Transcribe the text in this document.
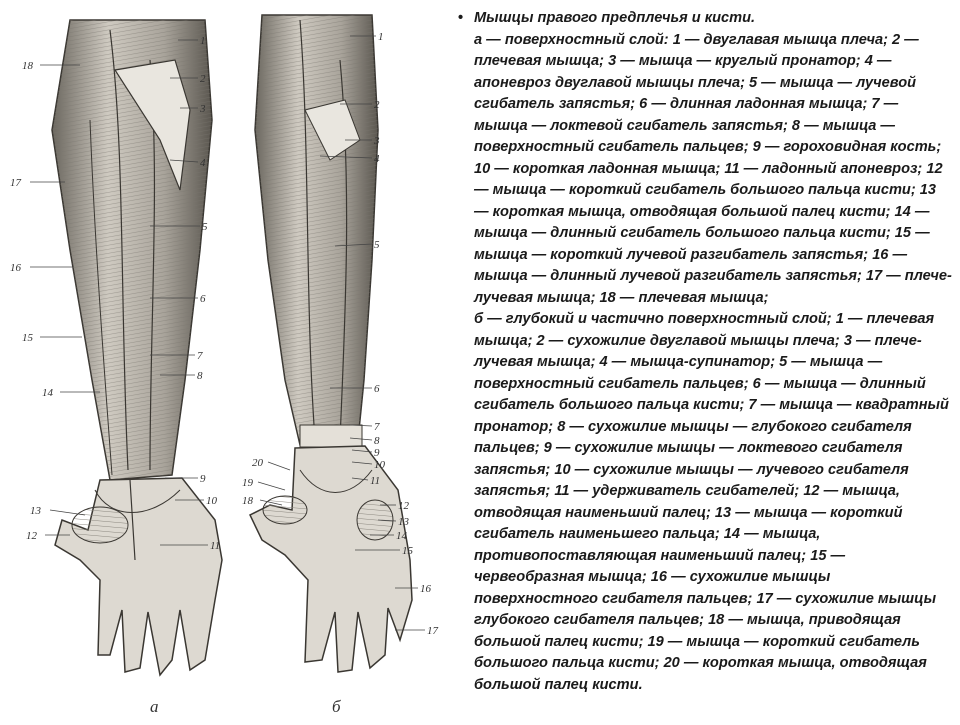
1
2
3
4
5
6
7
8
9
10
11
12
13
14
15
16
17
18
а
1
2
3
4
5
6
7
8
9
10
11
12
13
14
15
16
17
18
19
20
б
• Мышцы правого предплечья и кисти.
а — поверхностный слой: 1 — двуглавая мышца плеча; 2 — плечевая мышца; 3 — мышца — круглый пронатор; 4 — апоневроз двуглавой мышцы плеча; 5 — мышца — лучевой сгибатель запястья; 6 — длинная ладонная мышца; 7 — мышца — локтевой сгибатель запястья; 8 — мышца — поверхностный сгибатель пальцев; 9 — гороховидная кость; 10 — короткая ладонная мышца; 11 — ладонный апоневроз; 12 — мышца — короткий сгибатель большого пальца кисти; 13 — короткая мышца, отводящая большой палец кисти; 14 — мышца — длинный сгибатель большого пальца кисти; 15 — мышца — короткий лучевой разгибатель запястья; 16 — мышца — длинный лучевой разгибатель запястья; 17 — плече-лучевая мышца; 18 — плечевая мышца;
б — глубокий и частично поверхностный слой; 1 — плечевая мышца; 2 — сухожилие двуглавой мышцы плеча; 3 — плече-лучевая мышца; 4 — мышца-супинатор; 5 — мышца — поверхностный сгибатель пальцев; 6 — мышца — длинный сгибатель большого пальца кисти; 7 — мышца — квадратный пронатор; 8 — сухожилие мышцы — глубокого сгибателя пальцев; 9 — сухожилие мышцы — локтевого сгибателя запястья; 10 — сухожилие мышцы — лучевого сгибателя запястья; 11 — удерживатель сгибателей; 12 — мышца, отводящая наименьший палец; 13 — мышца — короткий сгибатель наименьшего пальца; 14 — мышца, противопоставляющая наименьший палец; 15 — червеобразная мышца; 16 — сухожилие мышцы поверхностного сгибателя пальцев; 17 — сухожилие мышцы глубокого сгибателя пальцев; 18 — мышца, приводящая большой палец кисти; 19 — мышца — короткий сгибатель большого пальца кисти; 20 — короткая мышца, отводящая большой палец кисти.
